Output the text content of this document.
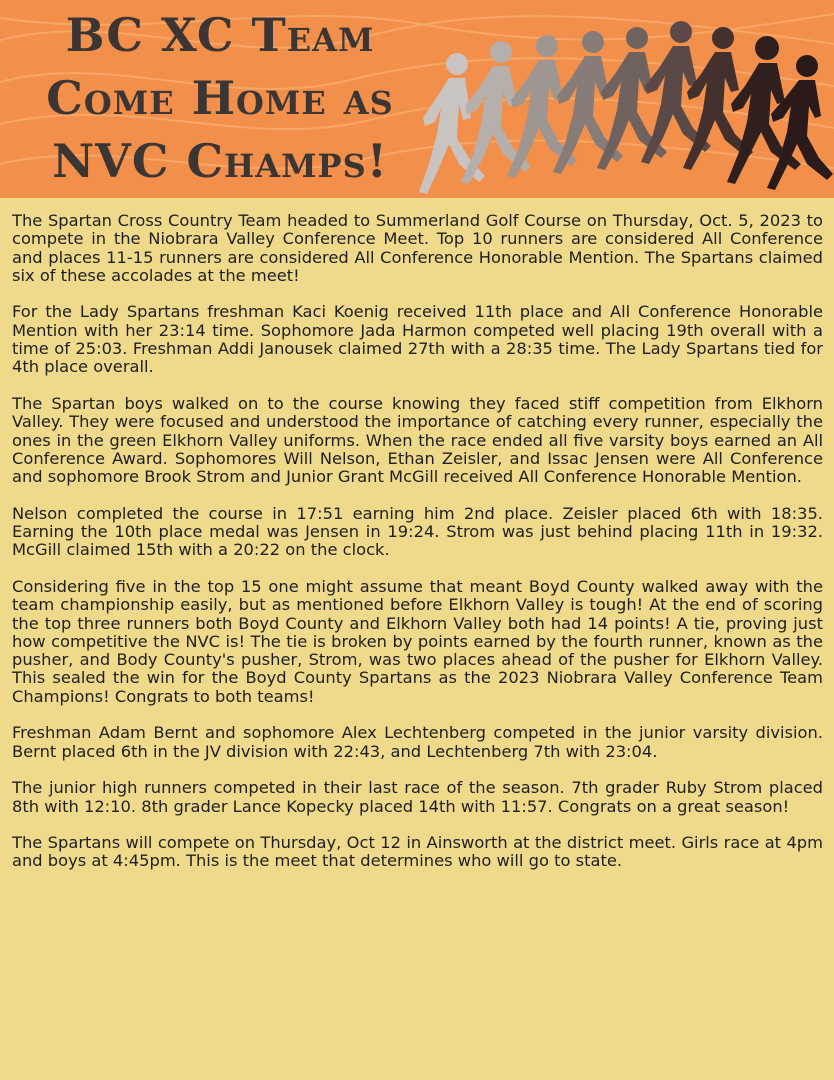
BC XC Team
Come Home as
NVC Champs!

The Spartan Cross Country Team headed to Summerland Golf Course on Thursday, Oct. 5, 2023 to compete in the Niobrara Valley Conference Meet. Top 10 runners are considered All Conference and places 11-15 runners are considered All Conference Honorable Mention. The Spartans claimed six of these accolades at the meet!

For the Lady Spartans freshman Kaci Koenig received 11th place and All Conference Honorable Mention with her 23:14 time. Sophomore Jada Harmon competed well placing 19th overall with a time of 25:03. Freshman Addi Janousek claimed 27th with a 28:35 time. The Lady Spartans tied for 4th place overall.

The Spartan boys walked on to the course knowing they faced stiff competition from Elkhorn Valley. They were focused and understood the importance of catching every runner, especially the ones in the green Elkhorn Valley uniforms. When the race ended all five varsity boys earned an All Conference Award. Sophomores Will Nelson, Ethan Zeisler, and Issac Jensen were All Conference and sophomore Brook Strom and Junior Grant McGill received All Conference Honorable Mention.

Nelson completed the course in 17:51 earning him 2nd place. Zeisler placed 6th with 18:35. Earning the 10th place medal was Jensen in 19:24. Strom was just behind placing 11th in 19:32. McGill claimed 15th with a 20:22 on the clock.

Considering five in the top 15 one might assume that meant Boyd County walked away with the team championship easily, but as mentioned before Elkhorn Valley is tough! At the end of scoring the top three runners both Boyd County and Elkhorn Valley both had 14 points! A tie, proving just how competitive the NVC is! The tie is broken by points earned by the fourth runner, known as the pusher, and Body County's pusher, Strom, was two places ahead of the pusher for Elkhorn Valley. This sealed the win for the Boyd County Spartans as the 2023 Niobrara Valley Conference Team Champions! Congrats to both teams!

Freshman Adam Bernt and sophomore Alex Lechtenberg competed in the junior varsity division. Bernt placed 6th in the JV division with 22:43, and Lechtenberg 7th with 23:04.

The junior high runners competed in their last race of the season. 7th grader Ruby Strom placed 8th with 12:10. 8th grader Lance Kopecky placed 14th with 11:57. Congrats on a great season!

The Spartans will compete on Thursday, Oct 12 in Ainsworth at the district meet. Girls race at 4pm and boys at 4:45pm. This is the meet that determines who will go to state.
